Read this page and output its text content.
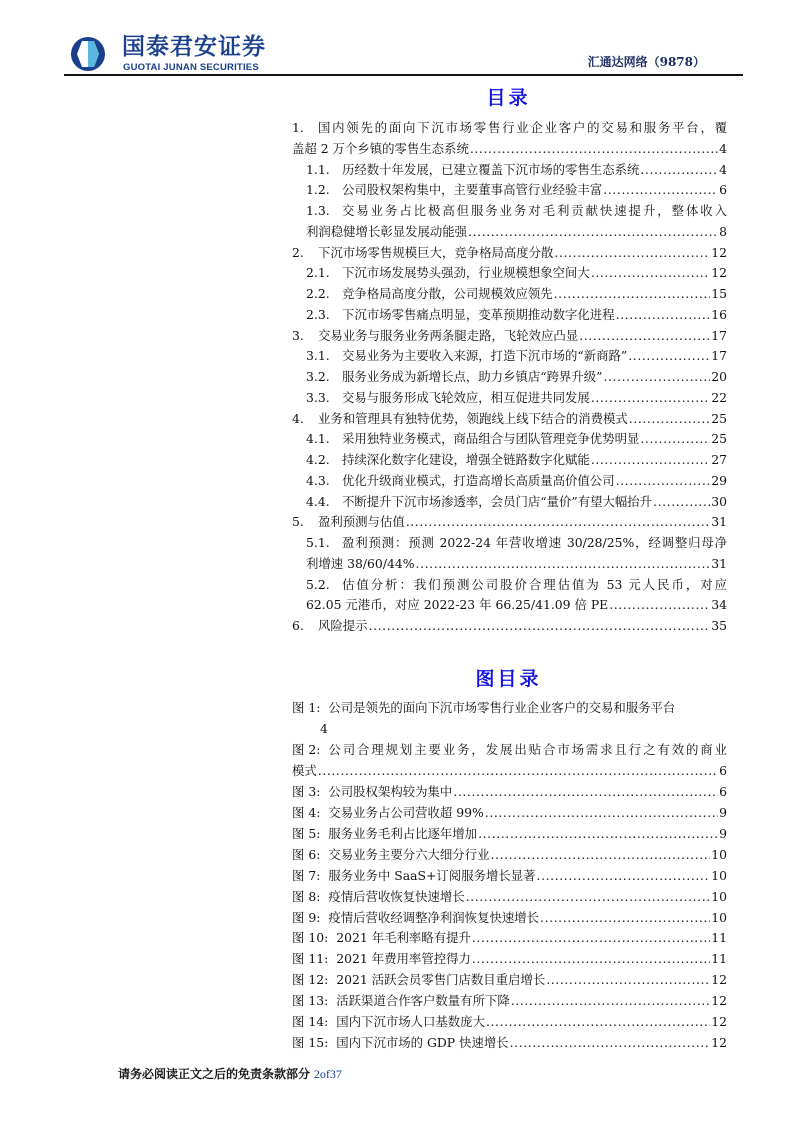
国泰君安证券
GUOTAI JUNAN SECURITIES	汇通达网络（9878）
目录
1.	国内领先的面向下沉市场零售行业企业客户的交易和服务平台，覆
盖超 2 万个乡镇的零售生态系统 .....	4
1.1. 历经数十年发展，已建立覆盖下沉市场的零售生态系统 .....	4
1.2. 公司股权架构集中，主要董事高管行业经验丰富 .....	6
1.3. 交易业务占比极高但服务业务对毛利贡献快速提升，整体收入
利润稳健增长彰显发展动能强 .....	8
2.	下沉市场零售规模巨大，竞争格局高度分散 .....	12
2.1. 下沉市场发展势头强劲，行业规模想象空间大 .....	12
2.2. 竞争格局高度分散，公司规模效应领先 .....	15
2.3. 下沉市场零售痛点明显，变革预期推动数字化进程 .....	16
3.	交易业务与服务业务两条腿走路，飞轮效应凸显 .....	17
3.1. 交易业务为主要收入来源，打造下沉市场的“新商路” .....	17
3.2. 服务业务成为新增长点，助力乡镇店“跨界升级” .....	20
3.3. 交易与服务形成飞轮效应，相互促进共同发展 .....	22
4.	业务和管理具有独特优势，领跑线上线下结合的消费模式 .....	25
4.1. 采用独特业务模式，商品组合与团队管理竞争优势明显 .....	25
4.2. 持续深化数字化建设，增强全链路数字化赋能 .....	27
4.3. 优化升级商业模式，打造高增长高质量高价值公司 .....	29
4.4. 不断提升下沉市场渗透率，会员门店“量价”有望大幅抬升 .....	30
5.	盈利预测与估值 .....	31
5.1. 盈利预测：预测 2022-24 年营收增速 30/28/25%，经调整归母净
利增速 38/60/44% .....	31
5.2. 估值分析：我们预测公司股价合理估值为 53 元人民币，对应
62.05 元港币，对应 2022-23 年 66.25/41.09 倍 PE .....	34
6.	风险提示 .....	35
图目录
图 1: 公司是领先的面向下沉市场零售行业企业客户的交易和服务平台
4
图 2: 公司合理规划主要业务，发展出贴合市场需求且行之有效的商业
模式 .....	6
图 3: 公司股权架构较为集中 .....	6
图 4: 交易业务占公司营收超 99% .....	9
图 5: 服务业务毛利占比逐年增加 .....	9
图 6: 交易业务主要分六大细分行业 .....	10
图 7: 服务业务中 SaaS+订阅服务增长显著 .....	10
图 8: 疫情后营收恢复快速增长 .....	10
图 9: 疫情后营收经调整净利润恢复快速增长 .....	10
图 10: 2021 年毛利率略有提升 .....	11
图 11: 2021 年费用率管控得力 .....	11
图 12: 2021 活跃会员零售门店数目重启增长 .....	12
图 13: 活跃渠道合作客户数量有所下降 .....	12
图 14: 国内下沉市场人口基数庞大 .....	12
图 15: 国内下沉市场的 GDP 快速增长 .....	12
请务必阅读正文之后的免责条款部分 2of37
